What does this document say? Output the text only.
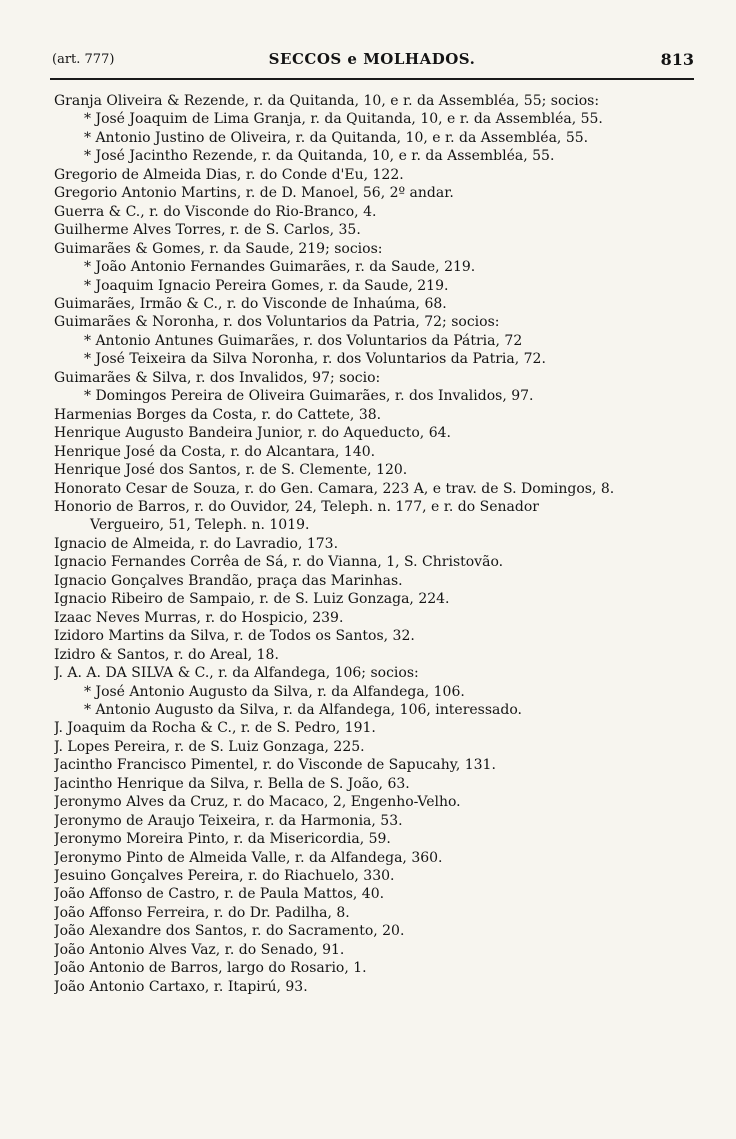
(art. 777)	SECCOS e MOLHADOS.	813
Granja Oliveira & Rezende, r. da Quitanda, 10, e r. da Assembléa, 55; socios:
* José Joaquim de Lima Granja, r. da Quitanda, 10, e r. da Assembléa, 55.
* Antonio Justino de Oliveira, r. da Quitanda, 10, e r. da Assembléa, 55.
* José Jacintho Rezende, r. da Quitanda, 10, e r. da Assembléa, 55.
Gregorio de Almeida Dias, r. do Conde d'Eu, 122.
Gregorio Antonio Martins, r. de D. Manoel, 56, 2º andar.
Guerra & C., r. do Visconde do Rio-Branco, 4.
Guilherme Alves Torres, r. de S. Carlos, 35.
Guimarães & Gomes, r. da Saude, 219; socios:
* João Antonio Fernandes Guimarães, r. da Saude, 219.
* Joaquim Ignacio Pereira Gomes, r. da Saude, 219.
Guimarães, Irmão & C., r. do Visconde de Inhaúma, 68.
Guimarães & Noronha, r. dos Voluntarios da Patria, 72; socios:
* Antonio Antunes Guimarães, r. dos Voluntarios da Pátria, 72
* José Teixeira da Silva Noronha, r. dos Voluntarios da Patria, 72.
Guimarães & Silva, r. dos Invalidos, 97; socio:
* Domingos Pereira de Oliveira Guimarães, r. dos Invalidos, 97.
Harmenias Borges da Costa, r. do Cattete, 38.
Henrique Augusto Bandeira Junior, r. do Aqueducto, 64.
Henrique José da Costa, r. do Alcantara, 140.
Henrique José dos Santos, r. de S. Clemente, 120.
Honorato Cesar de Souza, r. do Gen. Camara, 223 A, e trav. de S. Domingos, 8.
Honorio de Barros, r. do Ouvidor, 24, Teleph. n. 177, e r. do Senador
Vergueiro, 51, Teleph. n. 1019.
Ignacio de Almeida, r. do Lavradio, 173.
Ignacio Fernandes Corrêa de Sá, r. do Vianna, 1, S. Christovão.
Ignacio Gonçalves Brandão, praça das Marinhas.
Ignacio Ribeiro de Sampaio, r. de S. Luiz Gonzaga, 224.
Izaac Neves Murras, r. do Hospicio, 239.
Izidoro Martins da Silva, r. de Todos os Santos, 32.
Izidro & Santos, r. do Areal, 18.
J. A. A. DA SILVA & C., r. da Alfandega, 106; socios:
* José Antonio Augusto da Silva, r. da Alfandega, 106.
* Antonio Augusto da Silva, r. da Alfandega, 106, interessado.
J. Joaquim da Rocha & C., r. de S. Pedro, 191.
J. Lopes Pereira, r. de S. Luiz Gonzaga, 225.
Jacintho Francisco Pimentel, r. do Visconde de Sapucahy, 131.
Jacintho Henrique da Silva, r. Bella de S. João, 63.
Jeronymo Alves da Cruz, r. do Macaco, 2, Engenho-Velho.
Jeronymo de Araujo Teixeira, r. da Harmonia, 53.
Jeronymo Moreira Pinto, r. da Misericordia, 59.
Jeronymo Pinto de Almeida Valle, r. da Alfandega, 360.
Jesuino Gonçalves Pereira, r. do Riachuelo, 330.
João Affonso de Castro, r. de Paula Mattos, 40.
João Affonso Ferreira, r. do Dr. Padilha, 8.
João Alexandre dos Santos, r. do Sacramento, 20.
João Antonio Alves Vaz, r. do Senado, 91.
João Antonio de Barros, largo do Rosario, 1.
João Antonio Cartaxo, r. Itapirú, 93.
